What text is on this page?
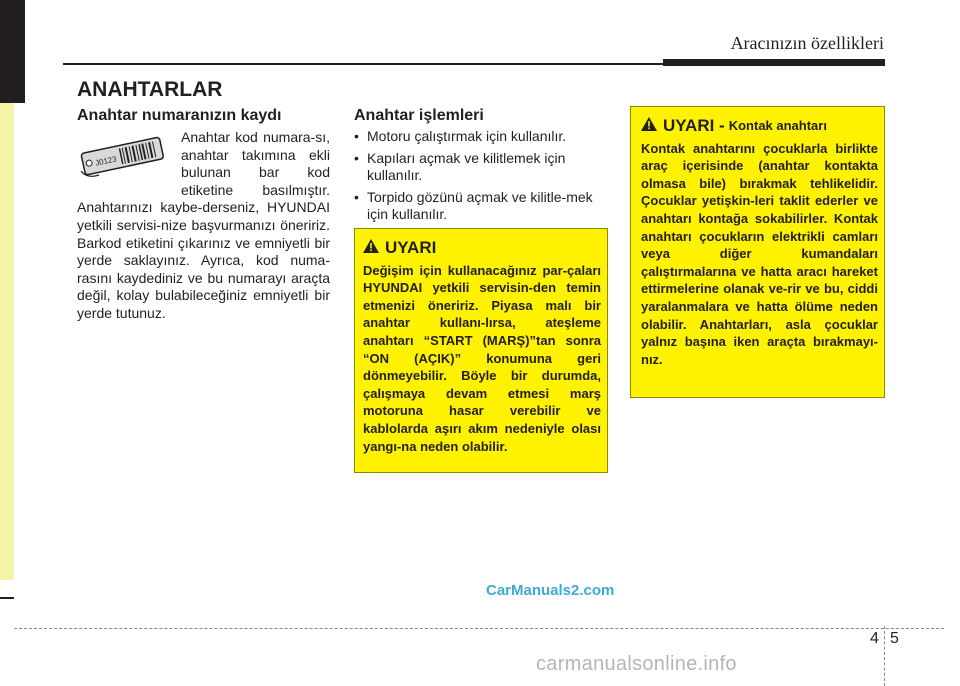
Aracınızın özellikleri
ANAHTARLAR
Anahtar numaranızın kaydı
Anahtar kod numara-sı, anahtar takımına ekli bulunan bar kod etiketine basılmıştır. Anahtarınızı kaybe-derseniz, HYUNDAI yetkili servisi-nize başvurmanızı öneririz. Barkod etiketini çıkarınız ve emniyetli bir yerde saklayınız. Ayrıca, kod numa-rasını kaydediniz ve bu numarayı araçta değil, kolay bulabileceğiniz emniyetli bir yerde tutunuz.
J0123
Anahtar işlemleri
• Motoru çalıştırmak için kullanılır.
• Kapıları açmak ve kilitlemek için kullanılır.
• Torpido gözünü açmak ve kilitle-mek için kullanılır.
UYARI
Değişim için kullanacağınız par-çaları HYUNDAI yetkili servisin-den temin etmenizi öneririz. Piyasa malı bir anahtar kullanı-lırsa, ateşleme anahtarı “START (MARŞ)”tan sonra “ON (AÇIK)” konumuna geri dönmeyebilir. Böyle bir durumda, çalışmaya devam etmesi marş motoruna hasar verebilir ve kablolarda aşırı akım nedeniyle olası yangı-na neden olabilir.
UYARI - Kontak anahtarı
Kontak anahtarını çocuklarla birlikte araç içerisinde (anahtar kontakta olmasa bile) bırakmak tehlikelidir. Çocuklar yetişkin-leri taklit ederler ve anahtarı kontağa sokabilirler. Kontak anahtarı çocukların elektrikli camları veya diğer kumandaları çalıştırmalarına ve hatta aracı hareket ettirmelerine olanak ve-rir ve bu, ciddi yaralanmalara ve hatta ölüme neden olabilir. Anahtarları, asla çocuklar yalnız başına iken araçta bırakmayı-nız.
CarManuals2.com
4 5
carmanualsonline.info
